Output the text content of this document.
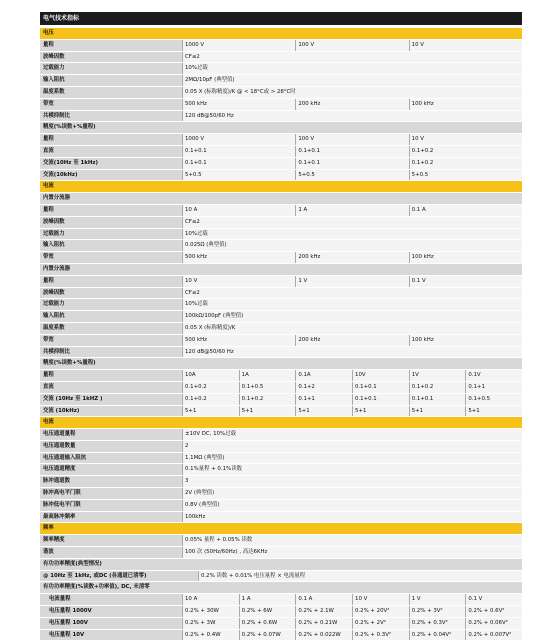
电气技术指标
电压
量程	1000 V	100 V	10 V
波峰因数	CF≤2
过载能力	10%过载
输入阻抗	2MΩ/10pF (典型值)
温度系数	0.05 X (标称精度)/K @ < 18°C或 > 28°C时
带宽	500 kHz	200 kHz	100 kHz
共模抑制比	120 dB@50/60 Hz
精度(%读数+%量程)
量程	1000 V	100 V	10 V
直流	0.1+0.1	0.1+0.1	0.1+0.2
交流(10Hz 至 1kHz)	0.1+0.1	0.1+0.1	0.1+0.2
交流(10kHz)	5+0.5	5+0.5	5+0.5
电流
内置分流器
量程	10 A	1 A	0.1 A
波峰因数	CF≤2
过载能力	10%过载
输入阻抗	0.025Ω (典型值)
带宽	500 kHz	200 kHz	100 kHz
内置分流器
量程	10 V	1 V	0.1 V
波峰因数	CF≤2
过载能力	10%过载
输入阻抗	100kΩ/100pF (典型值)
温度系数	0.05 X (标称精度)/K
带宽	500 kHz	200 kHz	100 kHz
共模抑制比	120 dB@50/60 Hz
精度(%读数+%量程)
量程	10A	1A	0.1A	10V	1V	0.1V
直流	0.1+0.2	0.1+0.5	0.1+2	0.1+0.1	0.1+0.2	0.1+1
交流 (10Hz 至 1kHZ )	0.1+0.2	0.1+0.2	0.1+1	0.1+0.1	0.1+0.1	0.1+0.5
交流 (10kHz)	5+1	5+1	5+1	5+1	5+1	5+1
电流
电压通道量程	±10V DC, 10%过载
电压通道数量	2
电压通道输入阻抗	1.1MΩ (典型值)
电压通道精度	0.1%量程 + 0.1%读数
脉冲通道数	3
脉冲高电平门限	2V (典型值)
脉冲低电平门限	0.8V (典型值)
最高脉冲频率	100kHz
频率
频率精度	0.05% 量程 + 0.05% 读数
谐波	100 次 (50Hz/60Hz) , 高达6KHz
有功功率精度(典型情况)
@ 10Hz 至 1kHz, 或DC (各通道已清零)	0.2% 读数 + 0.01% 电压量程 × 电流量程
有功功率精度(%读数+功率值), DC, 未清零
电流量程	10 A	1 A	0.1 A	10 V	1 V	0.1 V
电压量程 1000V	0.2% + 30W	0.2% + 6W	0.2% + 2.1W	0.2% + 20V²	0.2% + 3V²	0.2% + 0.6V²
电压量程 100V	0.2% + 3W	0.2% + 0.6W	0.2% + 0.21W	0.2% + 2V²	0.2% + 0.3V²	0.2% + 0.06V²
电压量程 10V	0.2% + 0.4W	0.2% + 0.07W	0.2% + 0.022W	0.2% + 0.3V²	0.2% + 0.04V²	0.2% + 0.007V²
